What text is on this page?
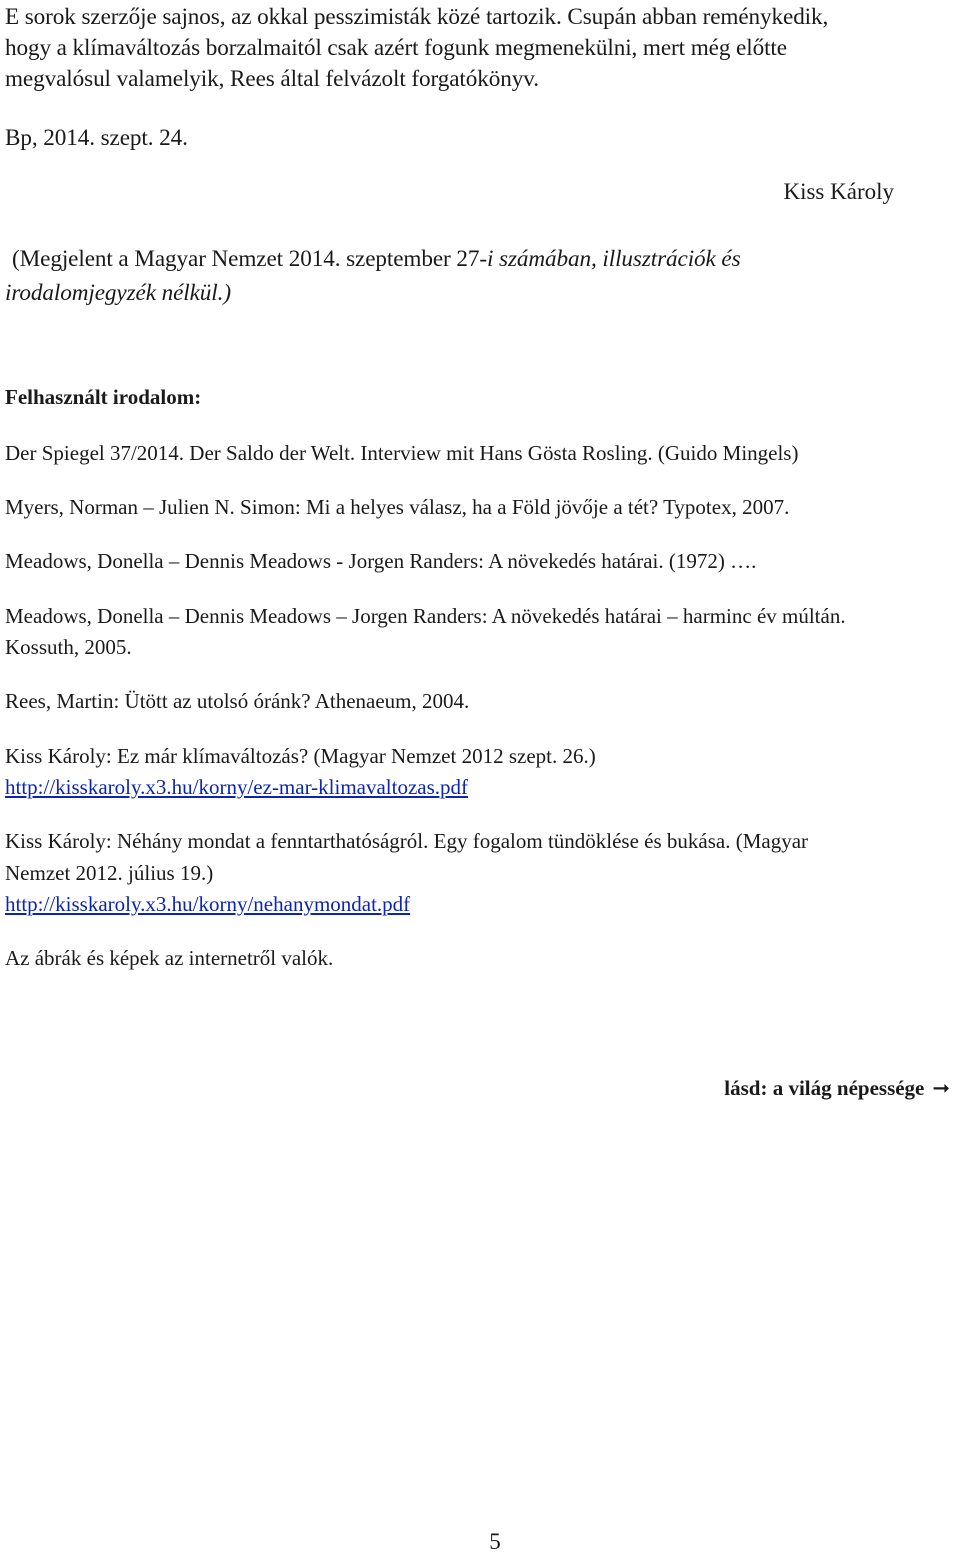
E sorok szerzője sajnos, az okkal pesszimisták közé tartozik. Csupán abban reménykedik,
hogy a klímaváltozás borzalmaitól csak azért fogunk megmenekülni, mert még előtte
megvalósul valamelyik, Rees által felvázolt forgatókönyv.
Bp, 2014. szept. 24.
Kiss Károly
(Megjelent a Magyar Nemzet 2014. szeptember 27-i számában, illusztrációk és
irodalomjegyzék nélkül.)
Felhasznált irodalom:
Der Spiegel 37/2014. Der Saldo der Welt. Interview mit Hans Gösta Rosling. (Guido Mingels)
Myers, Norman – Julien N. Simon: Mi a helyes válasz, ha a Föld jövője a tét? Typotex, 2007.
Meadows, Donella – Dennis Meadows - Jorgen Randers: A növekedés határai. (1972) ….
Meadows, Donella – Dennis Meadows – Jorgen Randers: A növekedés határai – harminc év múltán.
Kossuth, 2005.
Rees, Martin: Ütött az utolsó óránk? Athenaeum, 2004.
Kiss Károly: Ez már klímaváltozás? (Magyar Nemzet 2012 szept. 26.)
http://kisskaroly.x3.hu/korny/ez-mar-klimavaltozas.pdf
Kiss Károly: Néhány mondat a fenntarthatóságról. Egy fogalom tündöklése és bukása. (Magyar
Nemzet 2012. július 19.)
http://kisskaroly.x3.hu/korny/nehanymondat.pdf
Az ábrák és képek az internetről valók.
lásd: a világ népessége ➞
5
